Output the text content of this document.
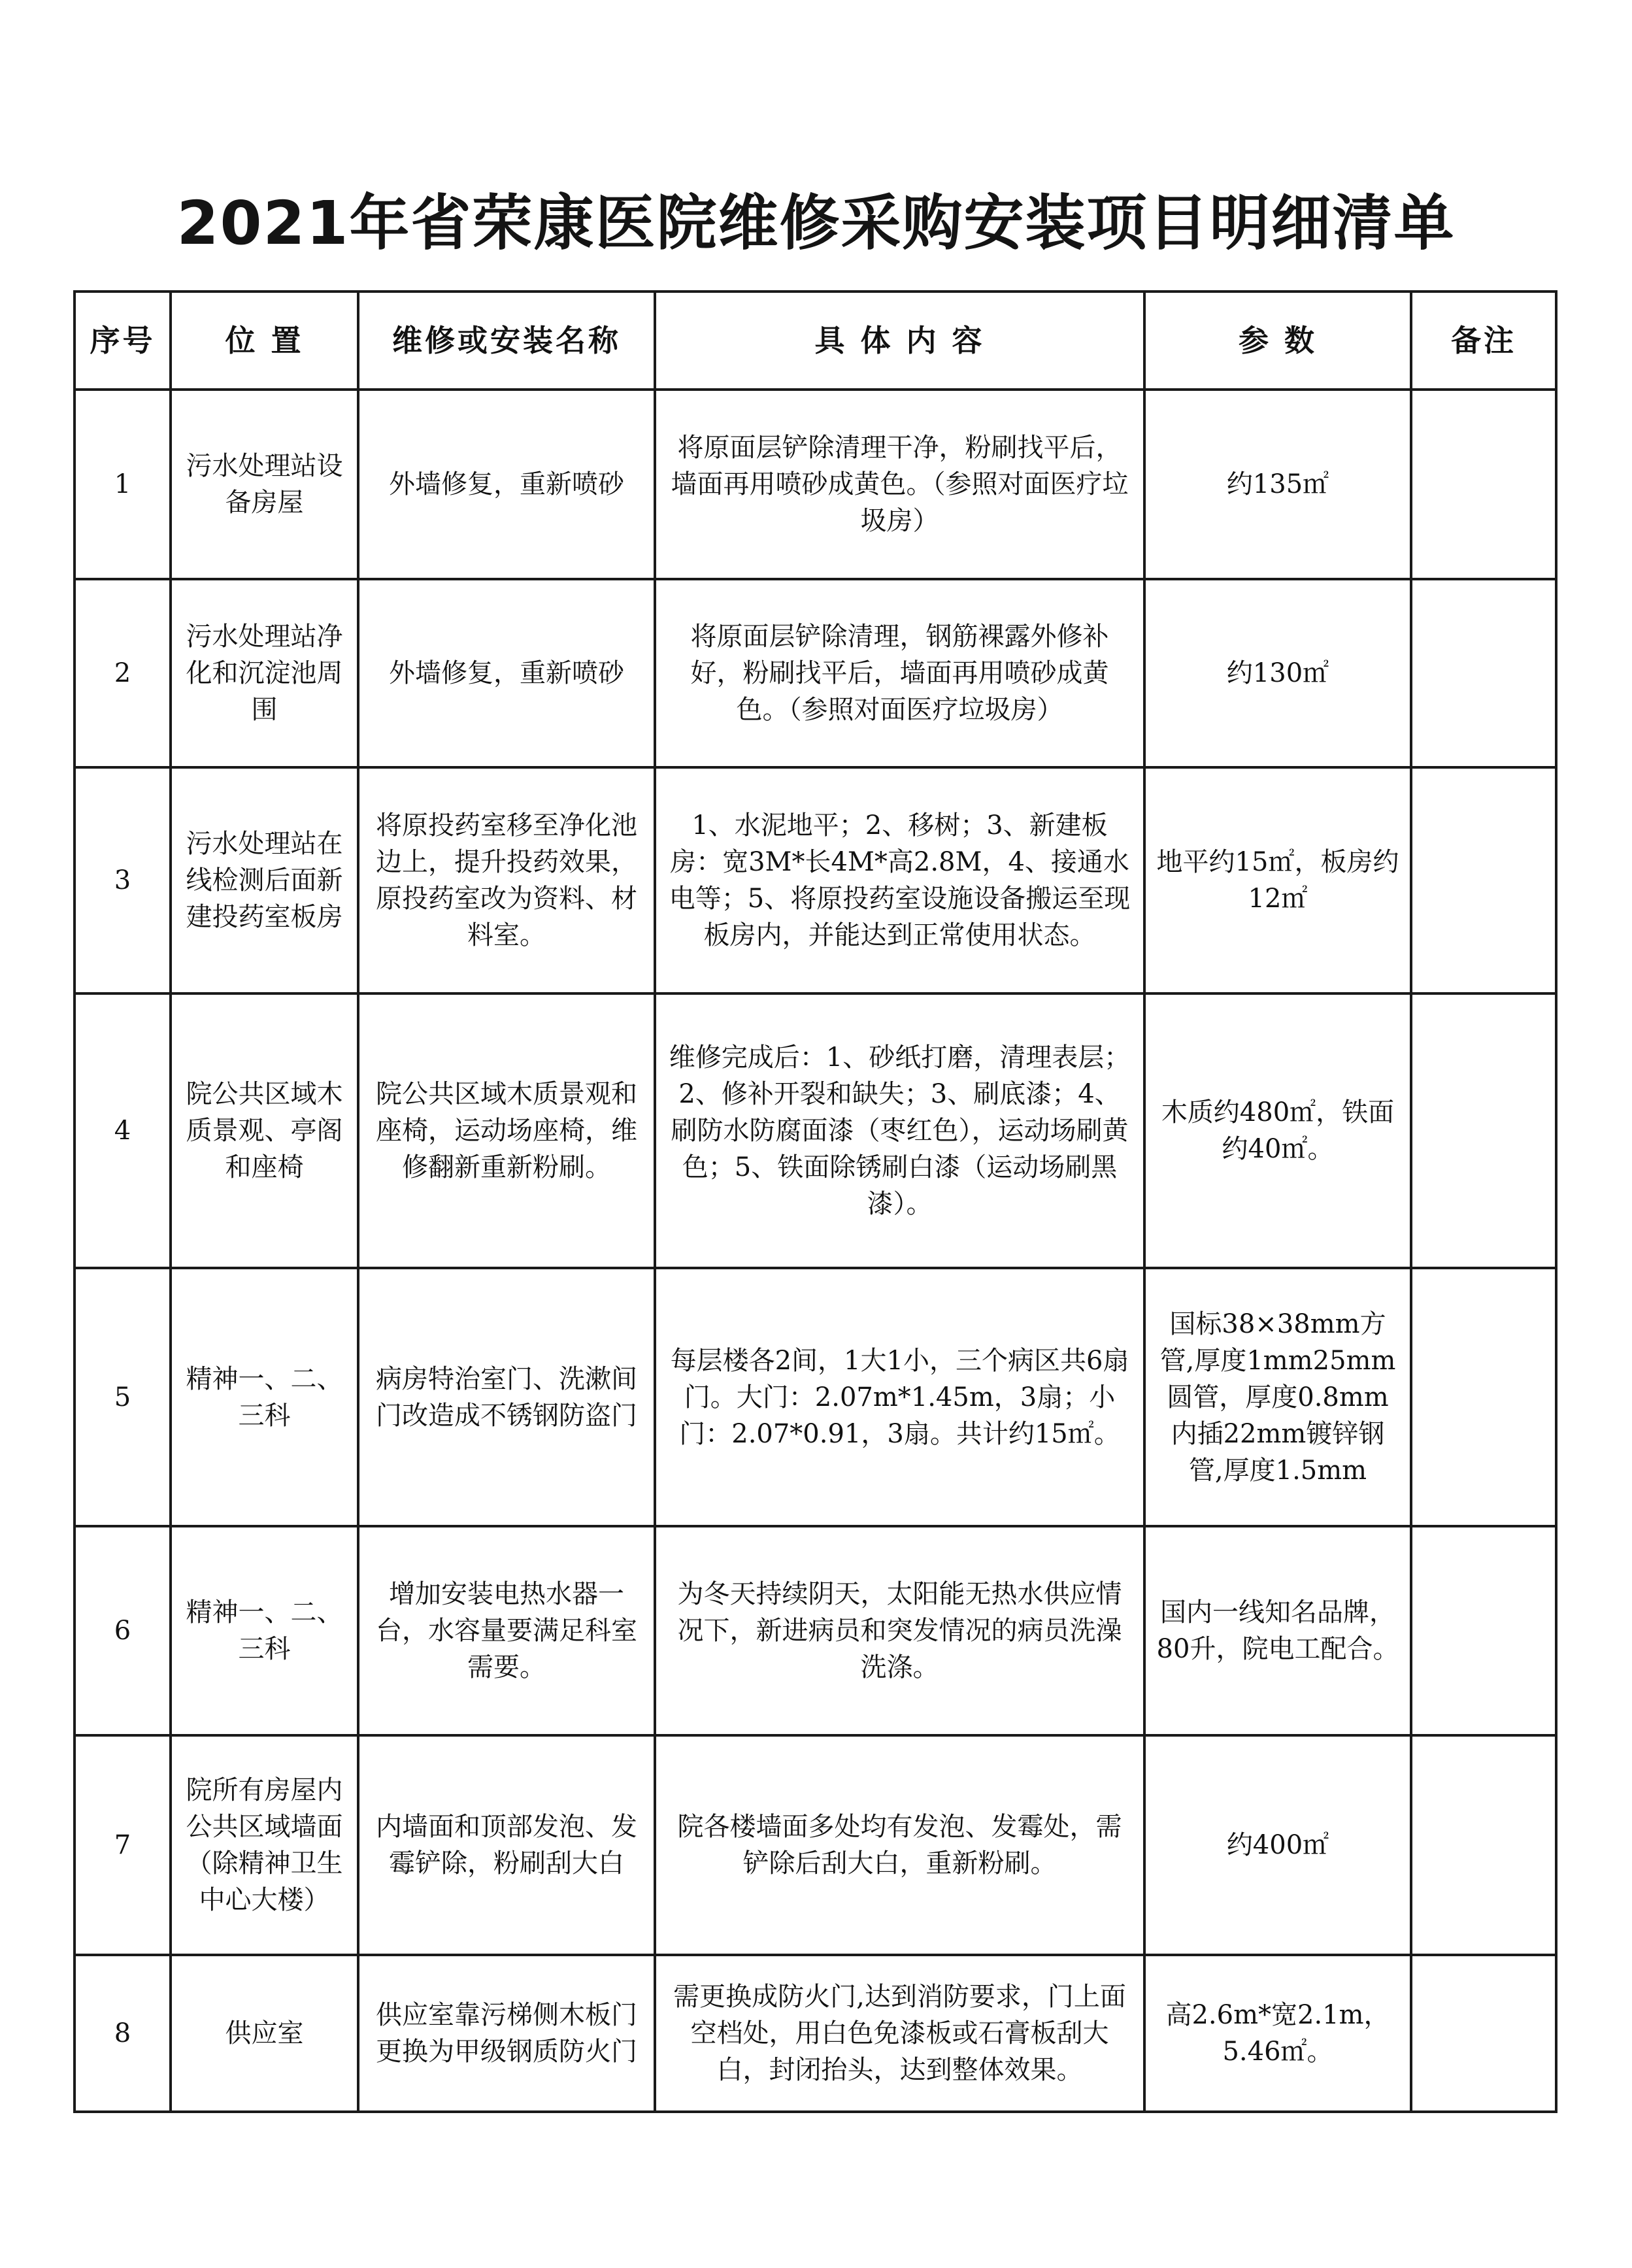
2021年省荣康医院维修采购安装项目明细清单
序号	位 置	维修或安装名称	具 体 内 容	参 数	备注
1	污水处理站设备房屋	外墙修复，重新喷砂	将原面层铲除清理干净，粉刷找平后，墙面再用喷砂成黄色。（参照对面医疗垃圾房）	约135㎡	
2	污水处理站净化和沉淀池周围	外墙修复，重新喷砂	将原面层铲除清理，钢筋裸露外修补好，粉刷找平后，墙面再用喷砂成黄色。（参照对面医疗垃圾房）	约130㎡	
3	污水处理站在线检测后面新建投药室板房	将原投药室移至净化池边上，提升投药效果，原投药室改为资料、材料室。	1、水泥地平；2、移树；3、新建板房：宽3M*长4M*高2.8M，4、接通水电等；5、将原投药室设施设备搬运至现板房内，并能达到正常使用状态。	地平约15㎡，板房约12㎡	
4	院公共区域木质景观、亭阁和座椅	院公共区域木质景观和座椅，运动场座椅，维修翻新重新粉刷。	维修完成后：1、砂纸打磨，清理表层；2、修补开裂和缺失；3、刷底漆；4、刷防水防腐面漆（枣红色），运动场刷黄色；5、铁面除锈刷白漆（运动场刷黑漆）。	木质约480㎡，铁面约40㎡。	
5	精神一、二、三科	病房特治室门、洗漱间门改造成不锈钢防盗门	每层楼各2间，1大1小，三个病区共6扇门。大门：2.07m*1.45m，3扇；小门：2.07*0.91，3扇。共计约15㎡。	国标38×38mm方管,厚度1mm25mm圆管，厚度0.8mm内插22mm镀锌钢管,厚度1.5mm	
6	精神一、二、三科	增加安装电热水器一台，水容量要满足科室需要。	为冬天持续阴天，太阳能无热水供应情况下，新进病员和突发情况的病员洗澡洗涤。	国内一线知名品牌，80升，院电工配合。	
7	院所有房屋内公共区域墙面（除精神卫生中心大楼）	内墙面和顶部发泡、发霉铲除，粉刷刮大白	院各楼墙面多处均有发泡、发霉处，需铲除后刮大白，重新粉刷。	约400㎡	
8	供应室	供应室靠污梯侧木板门更换为甲级钢质防火门	需更换成防火门,达到消防要求，门上面空档处，用白色免漆板或石膏板刮大白，封闭抬头，达到整体效果。	高2.6m*宽2.1m，5.46㎡。	
